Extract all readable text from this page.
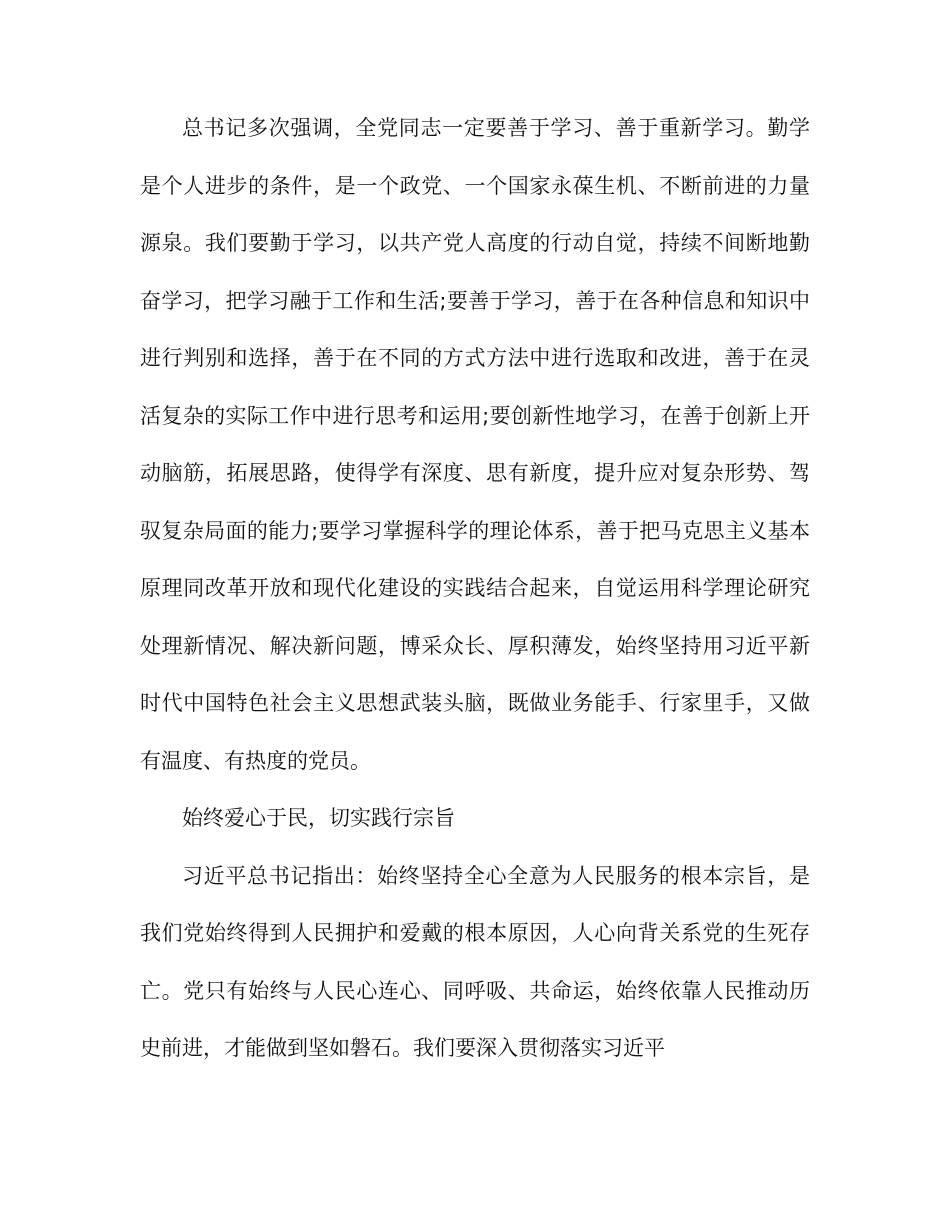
总书记多次强调，全党同志一定要善于学习、善于重新学习。勤学是个人进步的条件，是一个政党、一个国家永葆生机、不断前进的力量源泉。我们要勤于学习，以共产党人高度的行动自觉，持续不间断地勤奋学习，把学习融于工作和生活;要善于学习，善于在各种信息和知识中进行判别和选择，善于在不同的方式方法中进行选取和改进，善于在灵活复杂的实际工作中进行思考和运用;要创新性地学习，在善于创新上开动脑筋，拓展思路，使得学有深度、思有新度，提升应对复杂形势、驾驭复杂局面的能力;要学习掌握科学的理论体系，善于把马克思主义基本原理同改革开放和现代化建设的实践结合起来，自觉运用科学理论研究处理新情况、解决新问题，博采众长、厚积薄发，始终坚持用习近平新时代中国特色社会主义思想武装头脑，既做业务能手、行家里手，又做有温度、有热度的党员。

始终爱心于民，切实践行宗旨

习近平总书记指出：始终坚持全心全意为人民服务的根本宗旨，是我们党始终得到人民拥护和爱戴的根本原因，人心向背关系党的生死存亡。党只有始终与人民心连心、同呼吸、共命运，始终依靠人民推动历史前进，才能做到坚如磐石。我们要深入贯彻落实习近平
